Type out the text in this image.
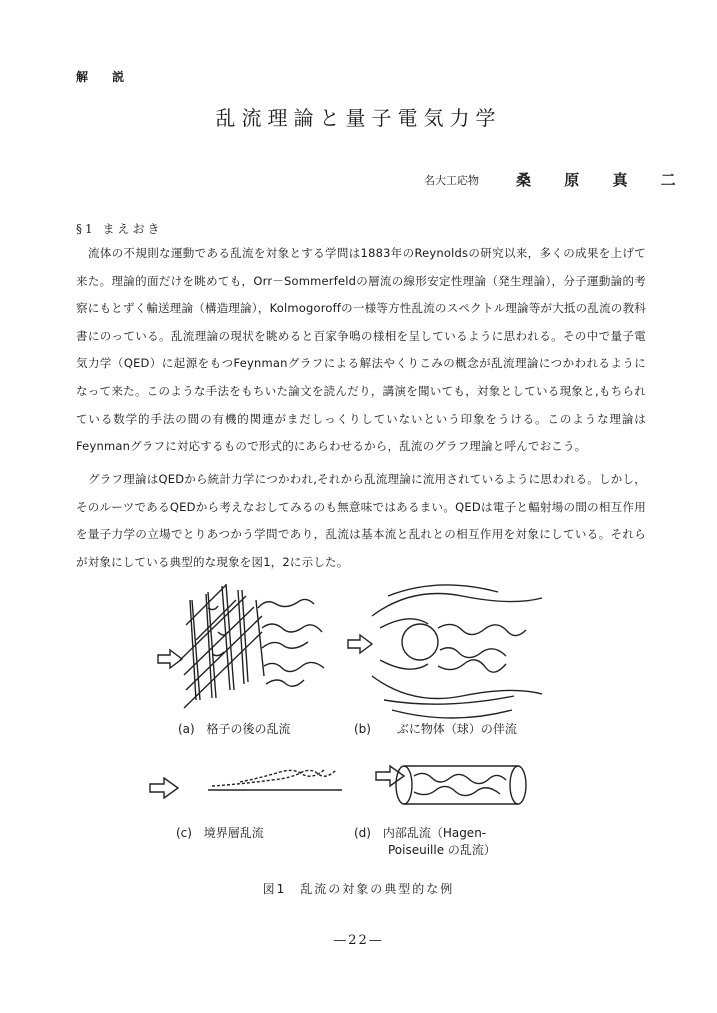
解 説
乱流理論と量子電気力学
名大工応物 桑 原 真 二
§1 まえおき

流体の不規則な運動である乱流を対象とする学問は1883年のReynoldsの研究以来，多くの成果を上げて来た。理論的面だけを眺めても，Orr－Sommerfeldの層流の線形安定性理論（発生理論），分子運動論的考察にもとずく輸送理論（構造理論），Kolmogoroffの一様等方性乱流のスペクトル理論等が大抵の乱流の教科書にのっている。乱流理論の現状を眺めると百家争鳴の様相を呈しているように思われる。その中で量子電気力学（QED）に起源をもつFeynmanグラフによる解法やくりこみの概念が乱流理論につかわれるようになって来た。このような手法をもちいた論文を読んだり，講演を聞いても，対象としている現象と,もちられている数学的手法の間の有機的関連がまだしっくりしていないという印象をうける。このような理論はFeynmanグラフに対応するもので形式的にあらわせるから，乱流のグラフ理論と呼んでおこう。

グラフ理論はQEDから統計力学につかわれ,それから乱流理論に流用されているように思われる。しかし，そのルーツであるQEDから考えなおしてみるのも無意味ではあるまい。QEDは電子と輻射場の間の相互作用を量子力学の立場でとりあつかう学問であり，乱流は基本流と乱れとの相互作用を対象にしている。それらが対象にしている典型的な現象を図1，2に示した。

(a) 格子の後の乱流	(b) ぶに物体（球）の伴流
(c) 境界層乱流	(d) 内部乱流（Hagen-
Poiseuille の乱流）
図1　乱流の対象の典型的な例
—22—
